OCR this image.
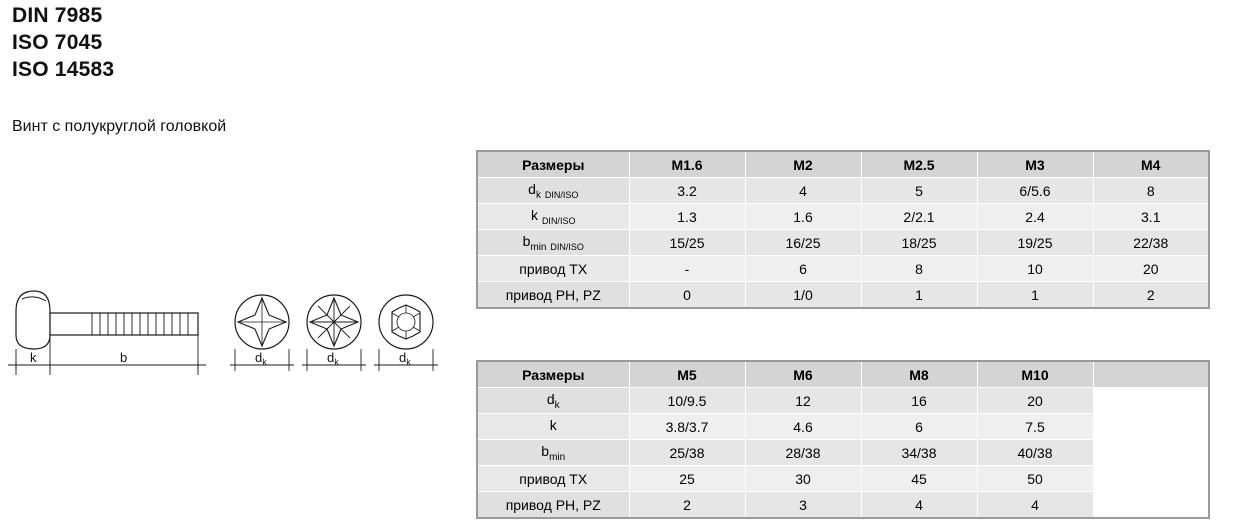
DIN 7985
ISO 7045
ISO 14583
Винт с полукруглой головкой
k	b	$d_k$	$d_k$	$d_k$
Размеры	M1.6	M2	M2.5	M3	M4
$d_k$ $_{DIN/ISO}$	3.2	4	5	6/5.6	8
k $_{DIN/ISO}$	1.3	1.6	2/2.1	2.4	3.1
$b_{min}$ $_{DIN/ISO}$	15/25	16/25	18/25	19/25	22/38
привод TX	-	6	8	10	20
привод PH, PZ	0	1/0	1	1	2
Размеры	M5	M6	M8	M10	
$d_k$	10/9.5	12	16	20	
k	3.8/3.7	4.6	6	7.5	
$b_{min}$	25/38	28/38	34/38	40/38	
привод TX	25	30	45	50	
привод PH, PZ	2	3	4	4	
